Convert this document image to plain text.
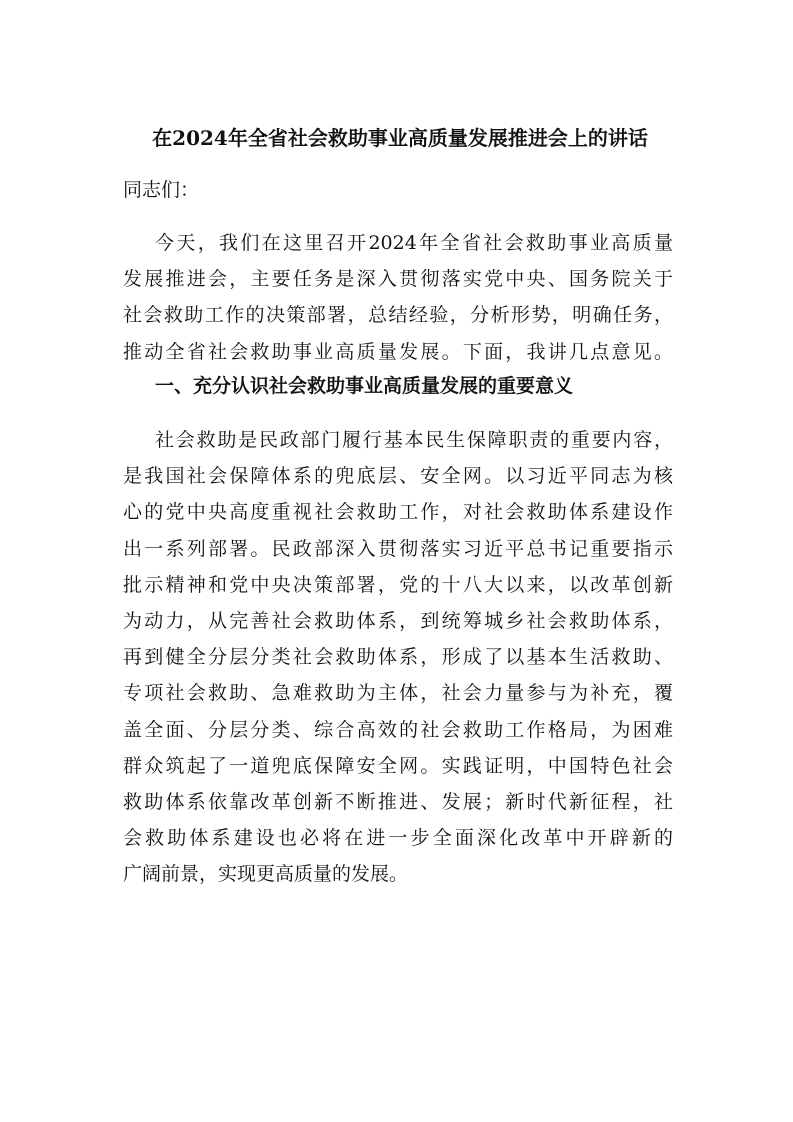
在2024年全省社会救助事业高质量发展推进会上的讲话

同志们：

今天，我们在这里召开2024年全省社会救助事业高质量
发展推进会，主要任务是深入贯彻落实党中央、国务院关于
社会救助工作的决策部署，总结经验，分析形势，明确任务，
推动全省社会救助事业高质量发展。下面，我讲几点意见。
一、充分认识社会救助事业高质量发展的重要意义
社会救助是民政部门履行基本民生保障职责的重要内容，
是我国社会保障体系的兜底层、安全网。以习近平同志为核
心的党中央高度重视社会救助工作，对社会救助体系建设作
出一系列部署。民政部深入贯彻落实习近平总书记重要指示
批示精神和党中央决策部署，党的十八大以来，以改革创新
为动力，从完善社会救助体系，到统筹城乡社会救助体系，
再到健全分层分类社会救助体系，形成了以基本生活救助、
专项社会救助、急难救助为主体，社会力量参与为补充，覆
盖全面、分层分类、综合高效的社会救助工作格局，为困难
群众筑起了一道兜底保障安全网。实践证明，中国特色社会
救助体系依靠改革创新不断推进、发展；新时代新征程，社
会救助体系建设也必将在进一步全面深化改革中开辟新的
广阔前景，实现更高质量的发展。
